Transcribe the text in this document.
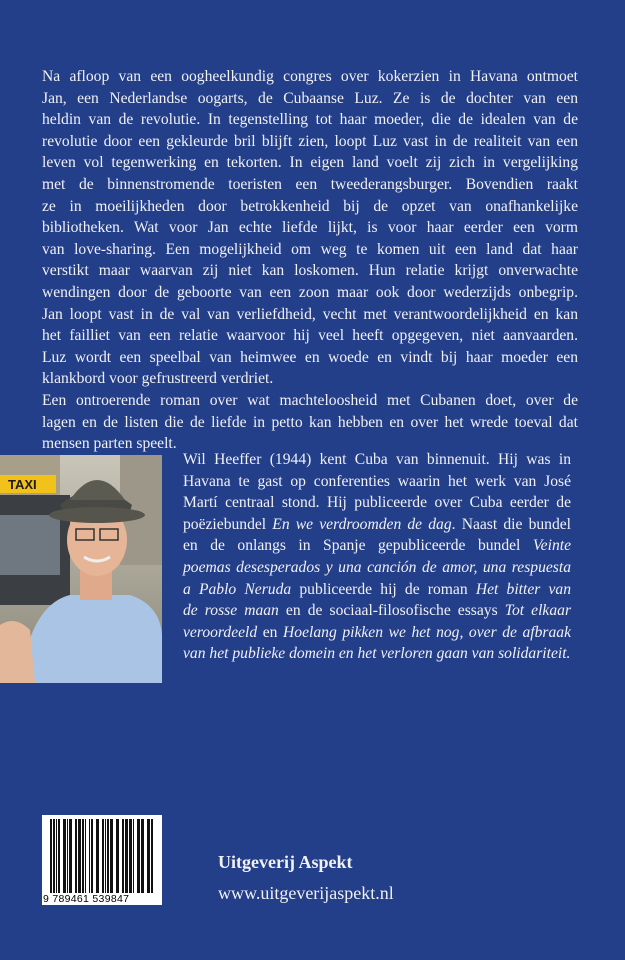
Na afloop van een oogheelkundig congres over kokerzien in Havana ontmoet
Jan, een Nederlandse oogarts, de Cubaanse Luz. Ze is de dochter van een
heldin van de revolutie. In tegenstelling tot haar moeder, die de idealen van de
revolutie door een gekleurde bril blijft zien, loopt Luz vast in de realiteit van een
leven vol tegenwerking en tekorten. In eigen land voelt zij zich in vergelijking
met de binnenstromende toeristen een tweederangsburger. Bovendien raakt
ze in moeilijkheden door betrokkenheid bij de opzet van onafhankelijke
bibliotheken. Wat voor Jan echte liefde lijkt, is voor haar eerder een vorm
van love-sharing. Een mogelijkheid om weg te komen uit een land dat haar
verstikt maar waarvan zij niet kan loskomen. Hun relatie krijgt onverwachte
wendingen door de geboorte van een zoon maar ook door wederzijds onbegrip.
Jan loopt vast in de val van verliefdheid, vecht met verantwoordelijkheid en kan
het failliet van een relatie waarvoor hij veel heeft opgegeven, niet aanvaarden.
Luz wordt een speelbal van heimwee en woede en vindt bij haar moeder een
klankbord voor gefrustreerd verdriet.
Een ontroerende roman over wat machteloosheid met Cubanen doet, over de
lagen en de listen die de liefde in petto kan hebben en over het wrede toeval dat
mensen parten speelt.
TAXI
Wil Heeffer (1944) kent Cuba van binnenuit. Hij was in
Havana te gast op conferenties waarin het werk van José
Martí centraal stond. Hij publiceerde over Cuba eerder de
poëziebundel En we verdroomden de dag. Naast die bundel
en de onlangs in Spanje gepubliceerde bundel Veinte
poemas desesperados y una canción de amor, una respuesta
a Pablo Neruda publiceerde hij de roman Het bitter van
de rosse maan en de sociaal-filosofische essays Tot elkaar
veroordeeld en Hoelang pikken we het nog, over de afbraak
van het publieke domein en het verloren gaan van solidariteit.
9 789461 539847
Uitgeverij Aspekt
www.uitgeverijaspekt.nl
